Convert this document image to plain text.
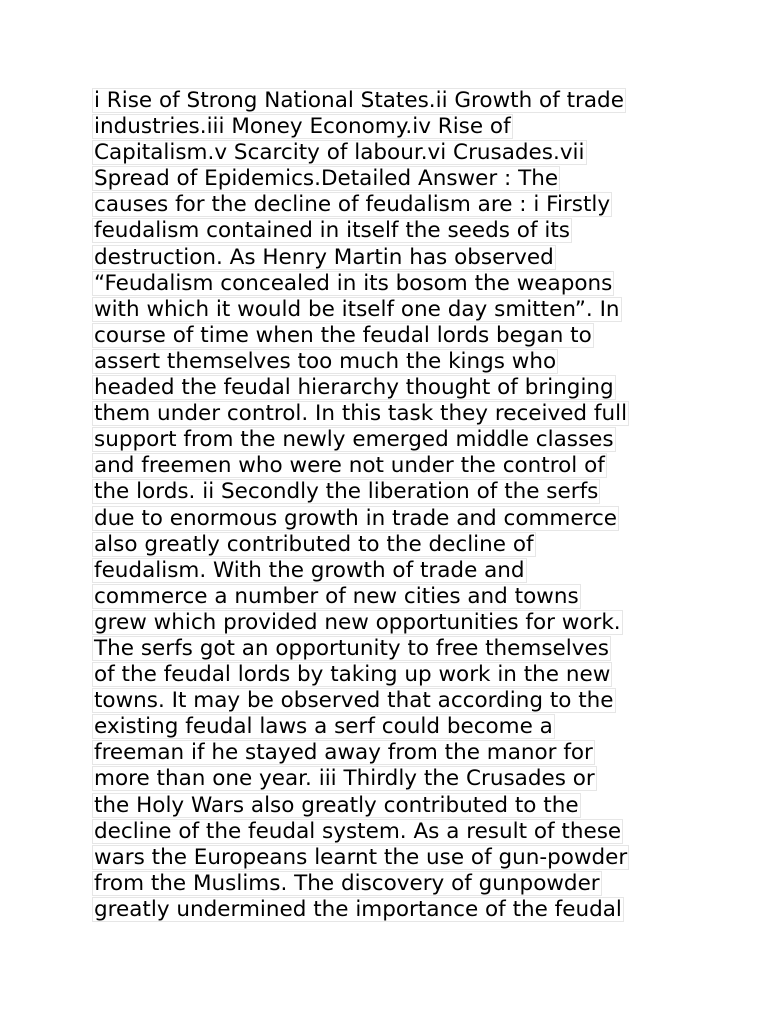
i Rise of Strong National States.ii Growth of trade
industries.iii Money Economy.iv Rise of
Capitalism.v Scarcity of labour.vi Crusades.vii
Spread of Epidemics.Detailed Answer : The
causes for the decline of feudalism are : i Firstly
feudalism contained in itself the seeds of its
destruction. As Henry Martin has observed
“Feudalism concealed in its bosom the weapons
with which it would be itself one day smitten”. In
course of time when the feudal lords began to
assert themselves too much the kings who
headed the feudal hierarchy thought of bringing
them under control. In this task they received full
support from the newly emerged middle classes
and freemen who were not under the control of
the lords. ii Secondly the liberation of the serfs
due to enormous growth in trade and commerce
also greatly contributed to the decline of
feudalism. With the growth of trade and
commerce a number of new cities and towns
grew which provided new opportunities for work.
The serfs got an opportunity to free themselves
of the feudal lords by taking up work in the new
towns. It may be observed that according to the
existing feudal laws a serf could become a
freeman if he stayed away from the manor for
more than one year. iii Thirdly the Crusades or
the Holy Wars also greatly contributed to the
decline of the feudal system. As a result of these
wars the Europeans learnt the use of gun-powder
from the Muslims. The discovery of gunpowder
greatly undermined the importance of the feudal
